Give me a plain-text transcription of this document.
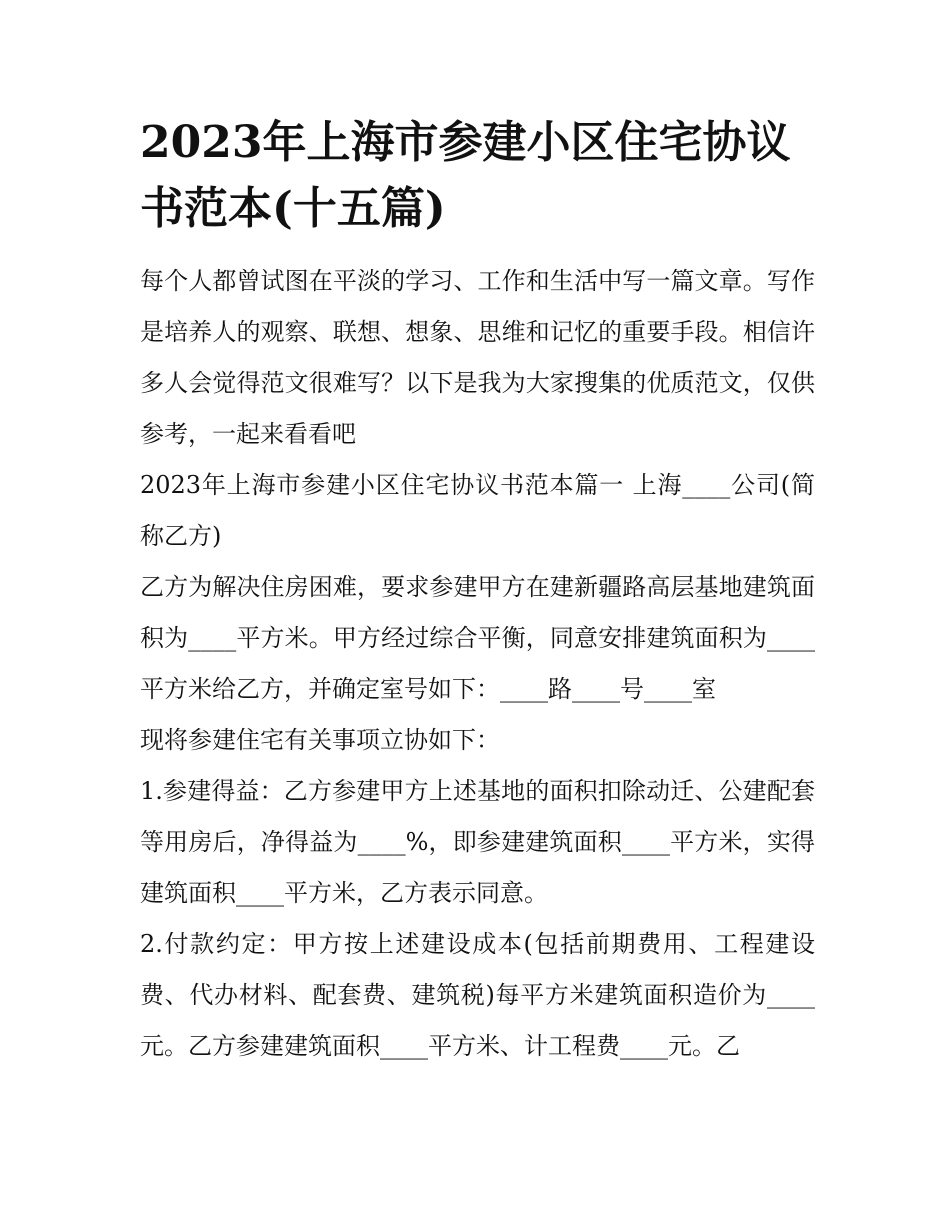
2023年上海市参建小区住宅协议书范本(十五篇)

每个人都曾试图在平淡的学习、工作和生活中写一篇文章。写作是培养人的观察、联想、想象、思维和记忆的重要手段。相信许多人会觉得范文很难写？以下是我为大家搜集的优质范文，仅供参考，一起来看看吧

2023年上海市参建小区住宅协议书范本篇一 上海____公司(简称乙方)

乙方为解决住房困难，要求参建甲方在建新疆路高层基地建筑面积为____平方米。甲方经过综合平衡，同意安排建筑面积为____平方米给乙方，并确定室号如下：____路____号____室

现将参建住宅有关事项立协如下：

1.参建得益：乙方参建甲方上述基地的面积扣除动迁、公建配套等用房后，净得益为____%，即参建建筑面积____平方米，实得建筑面积____平方米，乙方表示同意。

2.付款约定：甲方按上述建设成本(包括前期费用、工程建设费、代办材料、配套费、建筑税)每平方米建筑面积造价为____元。乙方参建建筑面积____平方米、计工程费____元。乙
